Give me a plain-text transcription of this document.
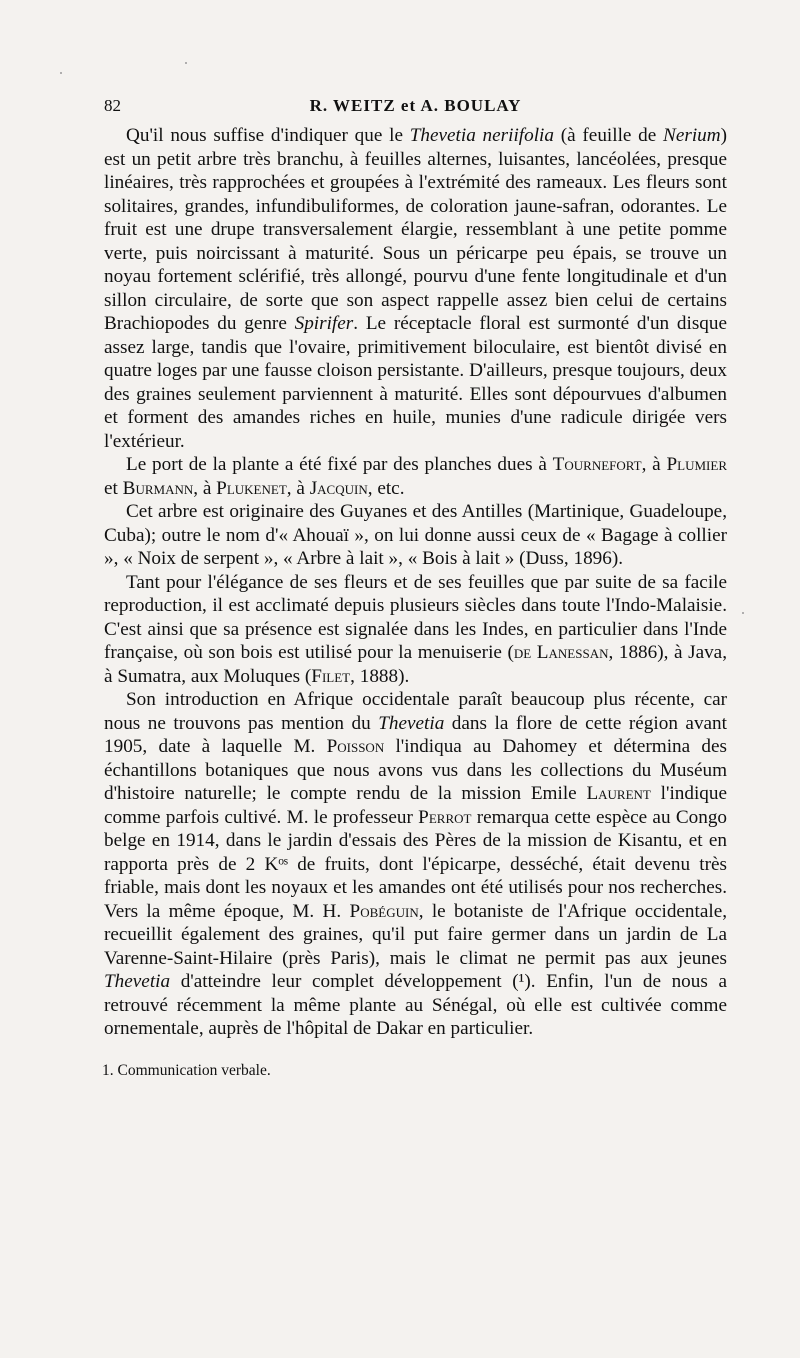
82	R. WEITZ et A. BOULAY

Qu'il nous suffise d'indiquer que le Thevetia neriifolia (à feuille de Nerium) est un petit arbre très branchu, à feuilles alternes, luisantes, lancéolées, presque linéaires, très rapprochées et groupées à l'extrémité des rameaux. Les fleurs sont solitaires, grandes, infundibuliformes, de coloration jaune-safran, odorantes. Le fruit est une drupe transversalement élargie, ressemblant à une petite pomme verte, puis noircissant à maturité. Sous un péricarpe peu épais, se trouve un noyau fortement sclérifié, très allongé, pourvu d'une fente longitudinale et d'un sillon circulaire, de sorte que son aspect rappelle assez bien celui de certains Brachiopodes du genre Spirifer. Le réceptacle floral est surmonté d'un disque assez large, tandis que l'ovaire, primitivement biloculaire, est bientôt divisé en quatre loges par une fausse cloison persistante. D'ailleurs, presque toujours, deux des graines seulement parviennent à maturité. Elles sont dépourvues d'albumen et forment des amandes riches en huile, munies d'une radicule dirigée vers l'extérieur.

Le port de la plante a été fixé par des planches dues à Tournefort, à Plumier et Burmann, à Plukenet, à Jacquin, etc.

Cet arbre est originaire des Guyanes et des Antilles (Martinique, Guadeloupe, Cuba); outre le nom d'« Ahouaï », on lui donne aussi ceux de « Bagage à collier », « Noix de serpent », « Arbre à lait », « Bois à lait » (Duss, 1896).

Tant pour l'élégance de ses fleurs et de ses feuilles que par suite de sa facile reproduction, il est acclimaté depuis plusieurs siècles dans toute l'Indo-Malaisie. C'est ainsi que sa présence est signalée dans les Indes, en particulier dans l'Inde française, où son bois est utilisé pour la menuiserie (de Lanessan, 1886), à Java, à Sumatra, aux Moluques (Filet, 1888).

Son introduction en Afrique occidentale paraît beaucoup plus récente, car nous ne trouvons pas mention du Thevetia dans la flore de cette région avant 1905, date à laquelle M. Poisson l'indiqua au Dahomey et détermina des échantillons botaniques que nous avons vus dans les collections du Muséum d'histoire naturelle; le compte rendu de la mission Emile Laurent l'indique comme parfois cultivé. M. le professeur Perrot remarqua cette espèce au Congo belge en 1914, dans le jardin d'essais des Pères de la mission de Kisantu, et en rapporta près de 2 Kᵒˢ de fruits, dont l'épicarpe, desséché, était devenu très friable, mais dont les noyaux et les amandes ont été utilisés pour nos recherches. Vers la même époque, M. H. Pobéguin, le botaniste de l'Afrique occidentale, recueillit également des graines, qu'il put faire germer dans un jardin de La Varenne-Saint-Hilaire (près Paris), mais le climat ne permit pas aux jeunes Thevetia d'atteindre leur complet développement (¹). Enfin, l'un de nous a retrouvé récemment la même plante au Sénégal, où elle est cultivée comme ornementale, auprès de l'hôpital de Dakar en particulier.

1. Communication verbale.
